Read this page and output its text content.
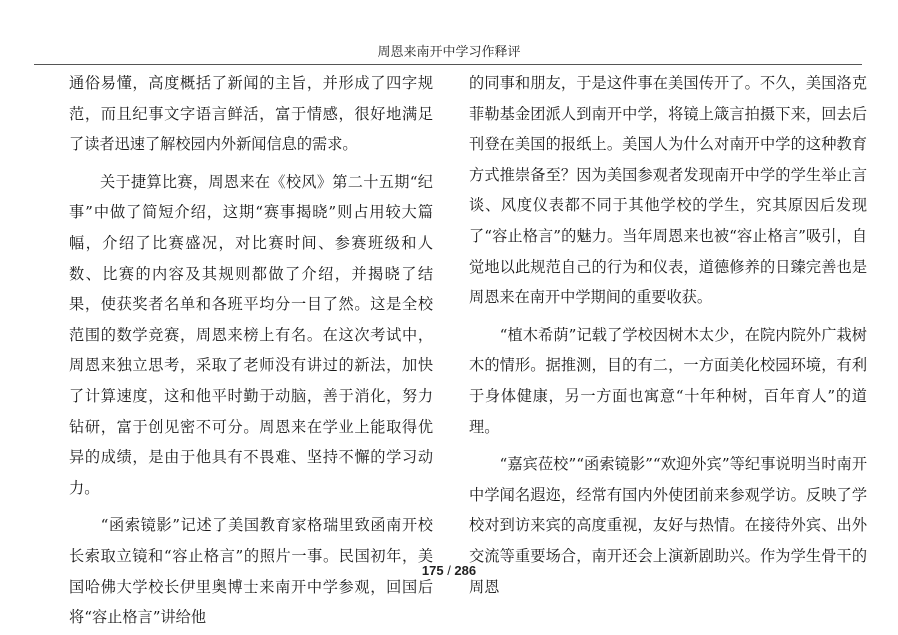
周恩来南开中学习作释评

通俗易懂，高度概括了新闻的主旨，并形成了四字规范，而且纪事文字语言鲜活，富于情感，很好地满足了读者迅速了解校园内外新闻信息的需求。

　　关于捷算比赛，周恩来在《校风》第二十五期“纪事”中做了简短介绍，这期“赛事揭晓”则占用较大篇幅，介绍了比赛盛况，对比赛时间、参赛班级和人数、比赛的内容及其规则都做了介绍，并揭晓了结果，使获奖者名单和各班平均分一目了然。这是全校范围的数学竞赛，周恩来榜上有名。在这次考试中，周恩来独立思考，采取了老师没有讲过的新法，加快了计算速度，这和他平时勤于动脑，善于消化，努力钻研，富于创见密不可分。周恩来在学业上能取得优异的成绩，是由于他具有不畏难、坚持不懈的学习动力。

　　“函索镜影”记述了美国教育家格瑞里致函南开校长索取立镜和“容止格言”的照片一事。民国初年，美国哈佛大学校长伊里奥博士来南开中学参观，回国后将“容止格言”讲给他

的同事和朋友，于是这件事在美国传开了。不久，美国洛克菲勒基金团派人到南开中学，将镜上箴言拍摄下来，回去后刊登在美国的报纸上。美国人为什么对南开中学的这种教育方式推崇备至？因为美国参观者发现南开中学的学生举止言谈、风度仪表都不同于其他学校的学生，究其原因后发现了“容止格言”的魅力。当年周恩来也被“容止格言”吸引，自觉地以此规范自己的行为和仪表，道德修养的日臻完善也是周恩来在南开中学期间的重要收获。

　　“植木希荫”记载了学校因树木太少，在院内院外广栽树木的情形。据推测，目的有二，一方面美化校园环境，有利于身体健康，另一方面也寓意“十年种树，百年育人”的道理。

　　“嘉宾莅校”“函索镜影”“欢迎外宾”等纪事说明当时南开中学闻名遐迩，经常有国内外使团前来参观学访。反映了学校对到访来宾的高度重视，友好与热情。在接待外宾、出外交流等重要场合，南开还会上演新剧助兴。作为学生骨干的周恩

175 / 286
